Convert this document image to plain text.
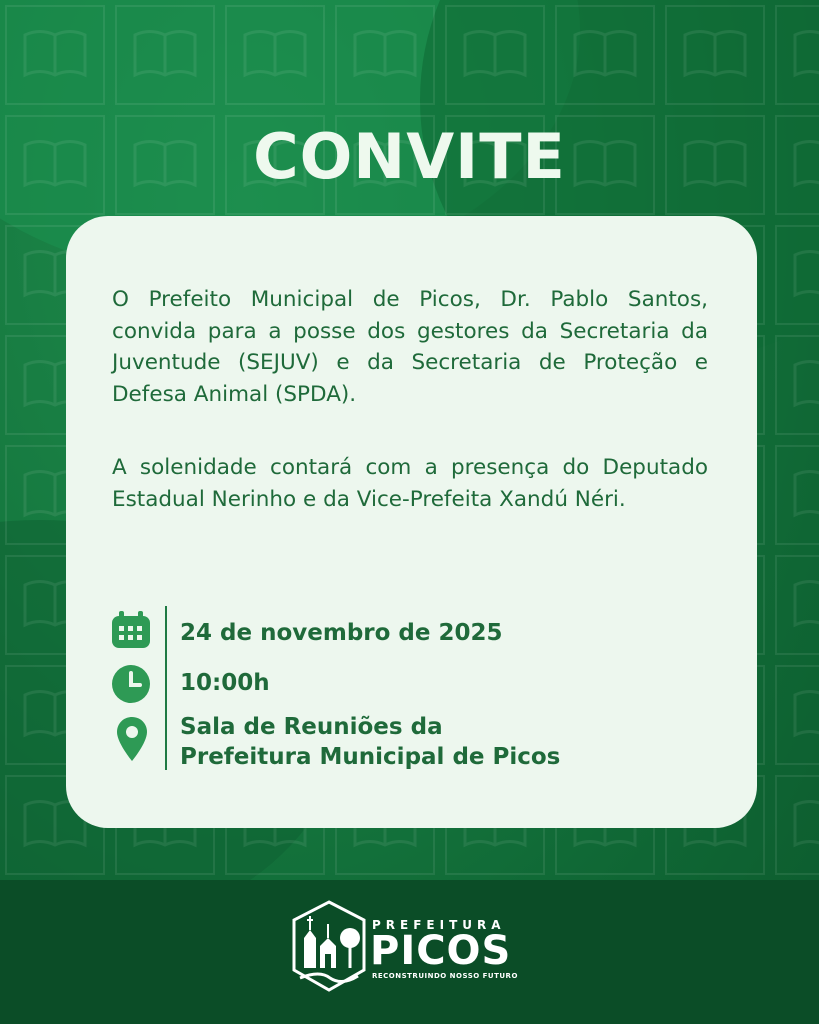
CONVITE

O Prefeito Municipal de Picos, Dr. Pablo Santos, convida para a posse dos gestores da Secretaria da Juventude (SEJUV) e da Secretaria de Proteção e Defesa Animal (SPDA).

A solenidade contará com a presença do Deputado Estadual Nerinho e da Vice-Prefeita Xandú Néri.

24 de novembro de 2025
10:00h
Sala de Reuniões da
Prefeitura Municipal de Picos
PREFEITURA
PICOS
RECONSTRUINDO NOSSO FUTURO
